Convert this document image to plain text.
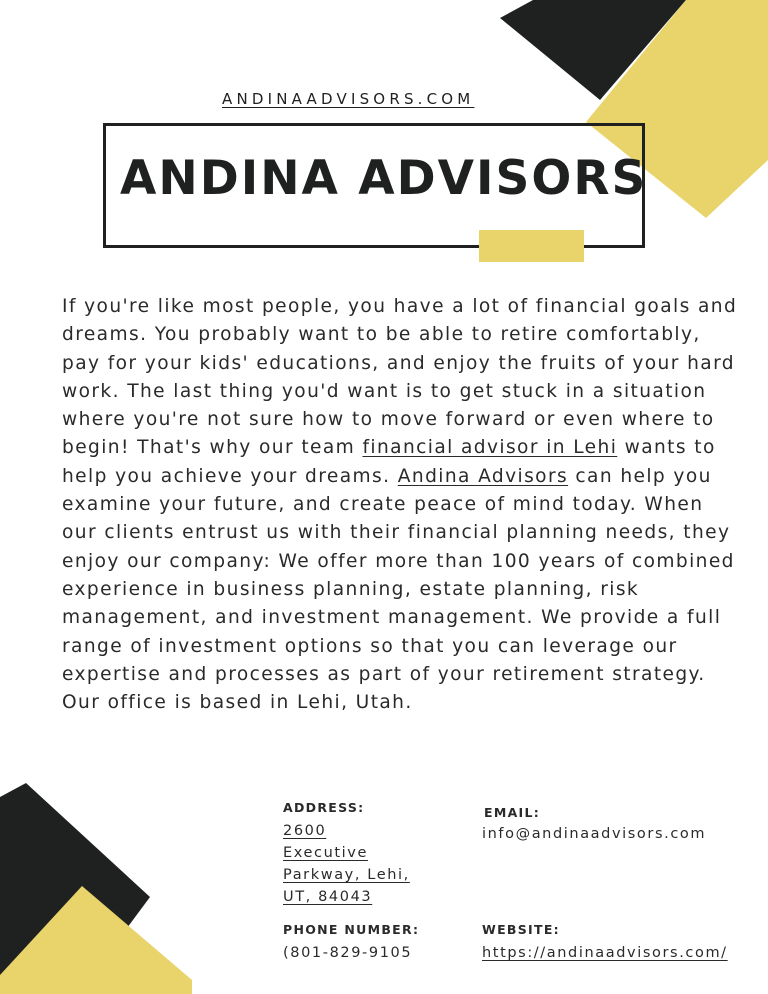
ANDINAADVISORS.COM
ANDINA ADVISORS
If you're like most people, you have a lot of financial goals and dreams. You probably want to be able to retire comfortably, pay for your kids' educations, and enjoy the fruits of your hard work. The last thing you'd want is to get stuck in a situation where you're not sure how to move forward or even where to begin! That's why our team financial advisor in Lehi wants to help you achieve your dreams. Andina Advisors can help you examine your future, and create peace of mind today. When our clients entrust us with their financial planning needs, they enjoy our company: We offer more than 100 years of combined experience in business planning, estate planning, risk management, and investment management. We provide a full range of investment options so that you can leverage our expertise and processes as part of your retirement strategy. Our office is based in Lehi, Utah.
ADDRESS:
2600
Executive
Parkway, Lehi,
UT, 84043
EMAIL:
info@andinaadvisors.com
PHONE NUMBER:
(801-829-9105
WEBSITE:
https://andinaadvisors.com/
